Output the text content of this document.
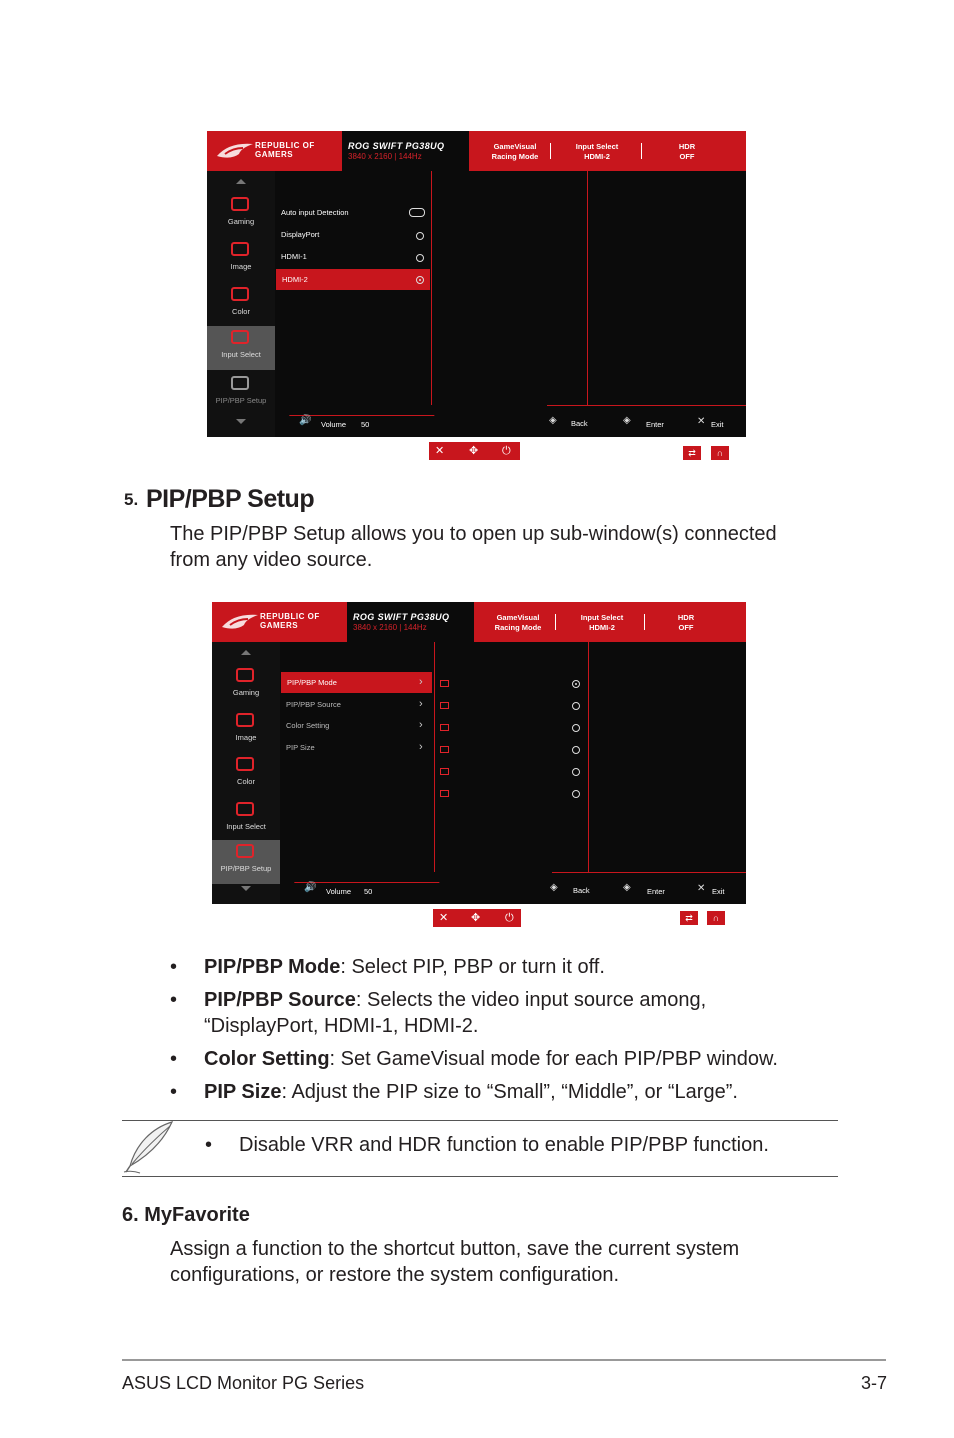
REPUBLIC OF
GAMERS
ROG SWIFT PG38UQ
3840 x 2160 | 144Hz
GameVisual
Racing Mode
Input Select
HDMI-2
HDR
OFF
Gaming
Image
Color
Input Select
PIP/PBP Setup
Auto input Detection
DisplayPort
HDMI-1
HDMI-2
🔊 Volume 50	◈ Back	◈ Enter	✕ Exit
✕ ✥ ⏻	⇄	∩
5. PIP/PBP Setup
The PIP/PBP Setup allows you to open up sub-window(s) connected
from any video source.
REPUBLIC OF
GAMERS
ROG SWIFT PG38UQ
3840 x 2160 | 144Hz
GameVisual
Racing Mode
Input Select
HDMI-2
HDR
OFF
Gaming
Image
Color
Input Select
PIP/PBP Setup
PIP/PBP Mode	›
PIP/PBP Source	›
Color Setting	›
PIP Size	›
🔊 Volume 50	◈ Back	◈ Enter	✕ Exit
✕ ✥ ⏻	⇄	∩
• PIP/PBP Mode: Select PIP, PBP or turn it off.
• PIP/PBP Source: Selects the video input source among,
“DisplayPort, HDMI-1, HDMI-2.
• Color Setting: Set GameVisual mode for each PIP/PBP window.
• PIP Size: Adjust the PIP size to “Small”, “Middle”, or “Large”.
• Disable VRR and HDR function to enable PIP/PBP function.
6. MyFavorite
Assign a function to the shortcut button, save the current system
configurations, or restore the system configuration.
ASUS LCD Monitor PG Series	3-7
